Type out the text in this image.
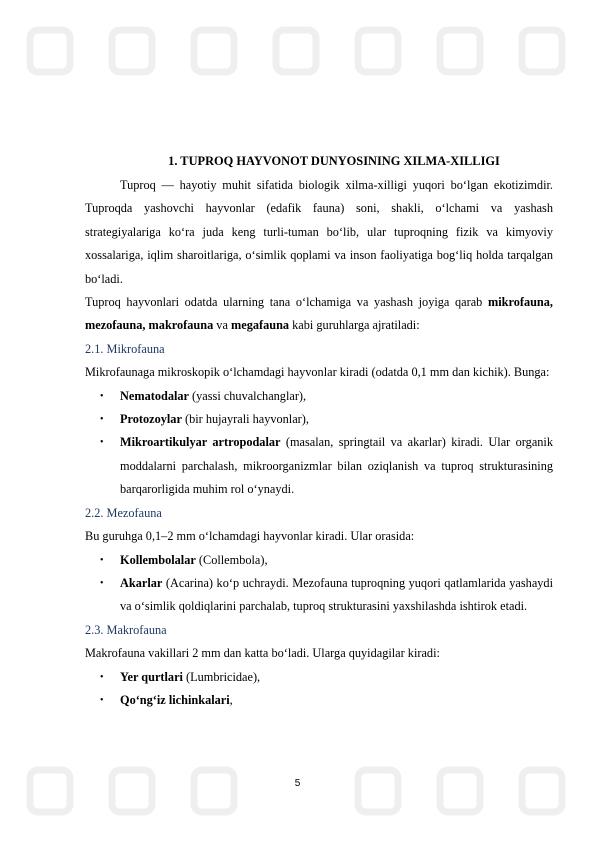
1. TUPROQ HAYVONOT DUNYOSINING XILMA-XILLIGI

Tuproq — hayotiy muhit sifatida biologik xilma-xilligi yuqori bo‘lgan ekotizimdir. Tuproqda yashovchi hayvonlar (edafik fauna) soni, shakli, o‘lchami va yashash strategiyalariga ko‘ra juda keng turli-tuman bo‘lib, ular tuproqning fizik va kimyoviy xossalariga, iqlim sharoitlariga, o‘simlik qoplami va inson faoliyatiga bog‘liq holda tarqalgan bo‘ladi.

Tuproq hayvonlari odatda ularning tana o‘lchamiga va yashash joyiga qarab mikrofauna, mezofauna, makrofauna va megafauna kabi guruhlarga ajratiladi:

2.1. Mikrofauna

Mikrofaunaga mikroskopik o‘lchamdagi hayvonlar kiradi (odatda 0,1 mm dan kichik). Bunga:

• Nematodalar (yassi chuvalchanglar),
• Protozoylar (bir hujayrali hayvonlar),
• Mikroartikulyar artropodalar (masalan, springtail va akarlar) kiradi. Ular organik moddalarni parchalash, mikroorganizmlar bilan oziqlanish va tuproq strukturasining barqarorligida muhim rol o‘ynaydi.
2.2. Mezofauna

Bu guruhga 0,1–2 mm o‘lchamdagi hayvonlar kiradi. Ular orasida:

• Kollembolalar (Collembola),
• Akarlar (Acarina) ko‘p uchraydi. Mezofauna tuproqning yuqori qatlamlarida yashaydi va o‘simlik qoldiqlarini parchalab, tuproq strukturasini yaxshilashda ishtirok etadi.
2.3. Makrofauna

Makrofauna vakillari 2 mm dan katta bo‘ladi. Ularga quyidagilar kiradi:

• Yer qurtlari (Lumbricidae),
• Qo‘ng‘iz lichinkalari,
5
